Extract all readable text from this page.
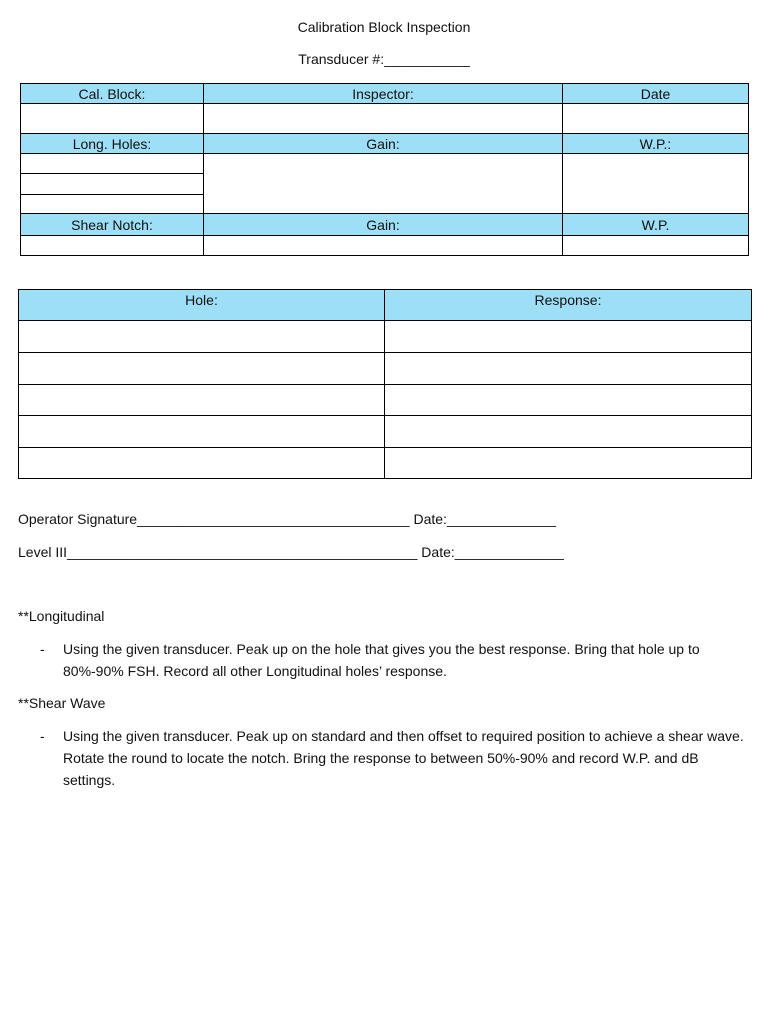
Calibration Block Inspection
Transducer #:___________
Cal. Block:	Inspector:	Date

Long. Holes:	Gain:	W.P.:

Shear Notch:	Gain:	W.P.

Hole:	Response:

Operator Signature___________________________________ Date:______________
Level III_____________________________________________ Date:______________
**Longitudinal
- Using the given transducer. Peak up on the hole that gives you the best response. Bring that hole up to 80%-90% FSH. Record all other Longitudinal holes’ response.
**Shear Wave
- Using the given transducer. Peak up on standard and then offset to required position to achieve a shear wave. Rotate the round to locate the notch. Bring the response to between 50%-90% and record W.P. and dB settings.
